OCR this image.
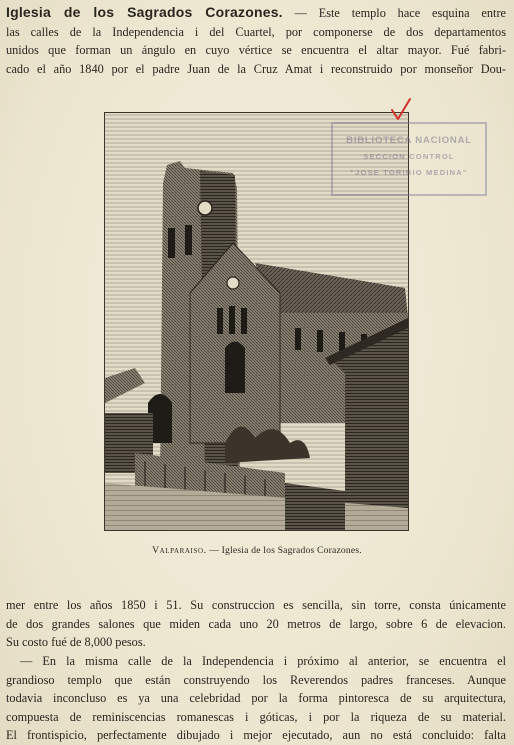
Iglesia de los Sagrados Corazones. — Este templo hace esquina entre
las calles de la Independencia i del Cuartel, por componerse de dos departamentos
unidos que forman un ángulo en cuyo vértice se encuentra el altar mayor. Fué fabri-
cado el año 1840 por el padre Juan de la Cruz Amat i reconstruido por monseñor Dou-
BIBLIOTECA NACIONAL
SECCION CONTROL
"JOSE TORIBIO MEDINA"
Valparaiso. — Iglesia de los Sagrados Corazones.
mer entre los años 1850 i 51. Su construccion es sencilla, sin torre, consta únicamente
de dos grandes salones que miden cada uno 20 metros de largo, sobre 6 de elevacion.
Su costo fué de 8,000 pesos.
— En la misma calle de la Independencia i próximo al anterior, se encuentra el
grandioso templo que están construyendo los Reverendos padres franceses. Aunque
todavia inconcluso es ya una celebridad por la forma pintoresca de su arquitectura,
compuesta de reminiscencias romanescas i góticas, i por la riqueza de su material.
El frontispicio, perfectamente dibujado i mejor ejecutado, aun no está concluido: falta
